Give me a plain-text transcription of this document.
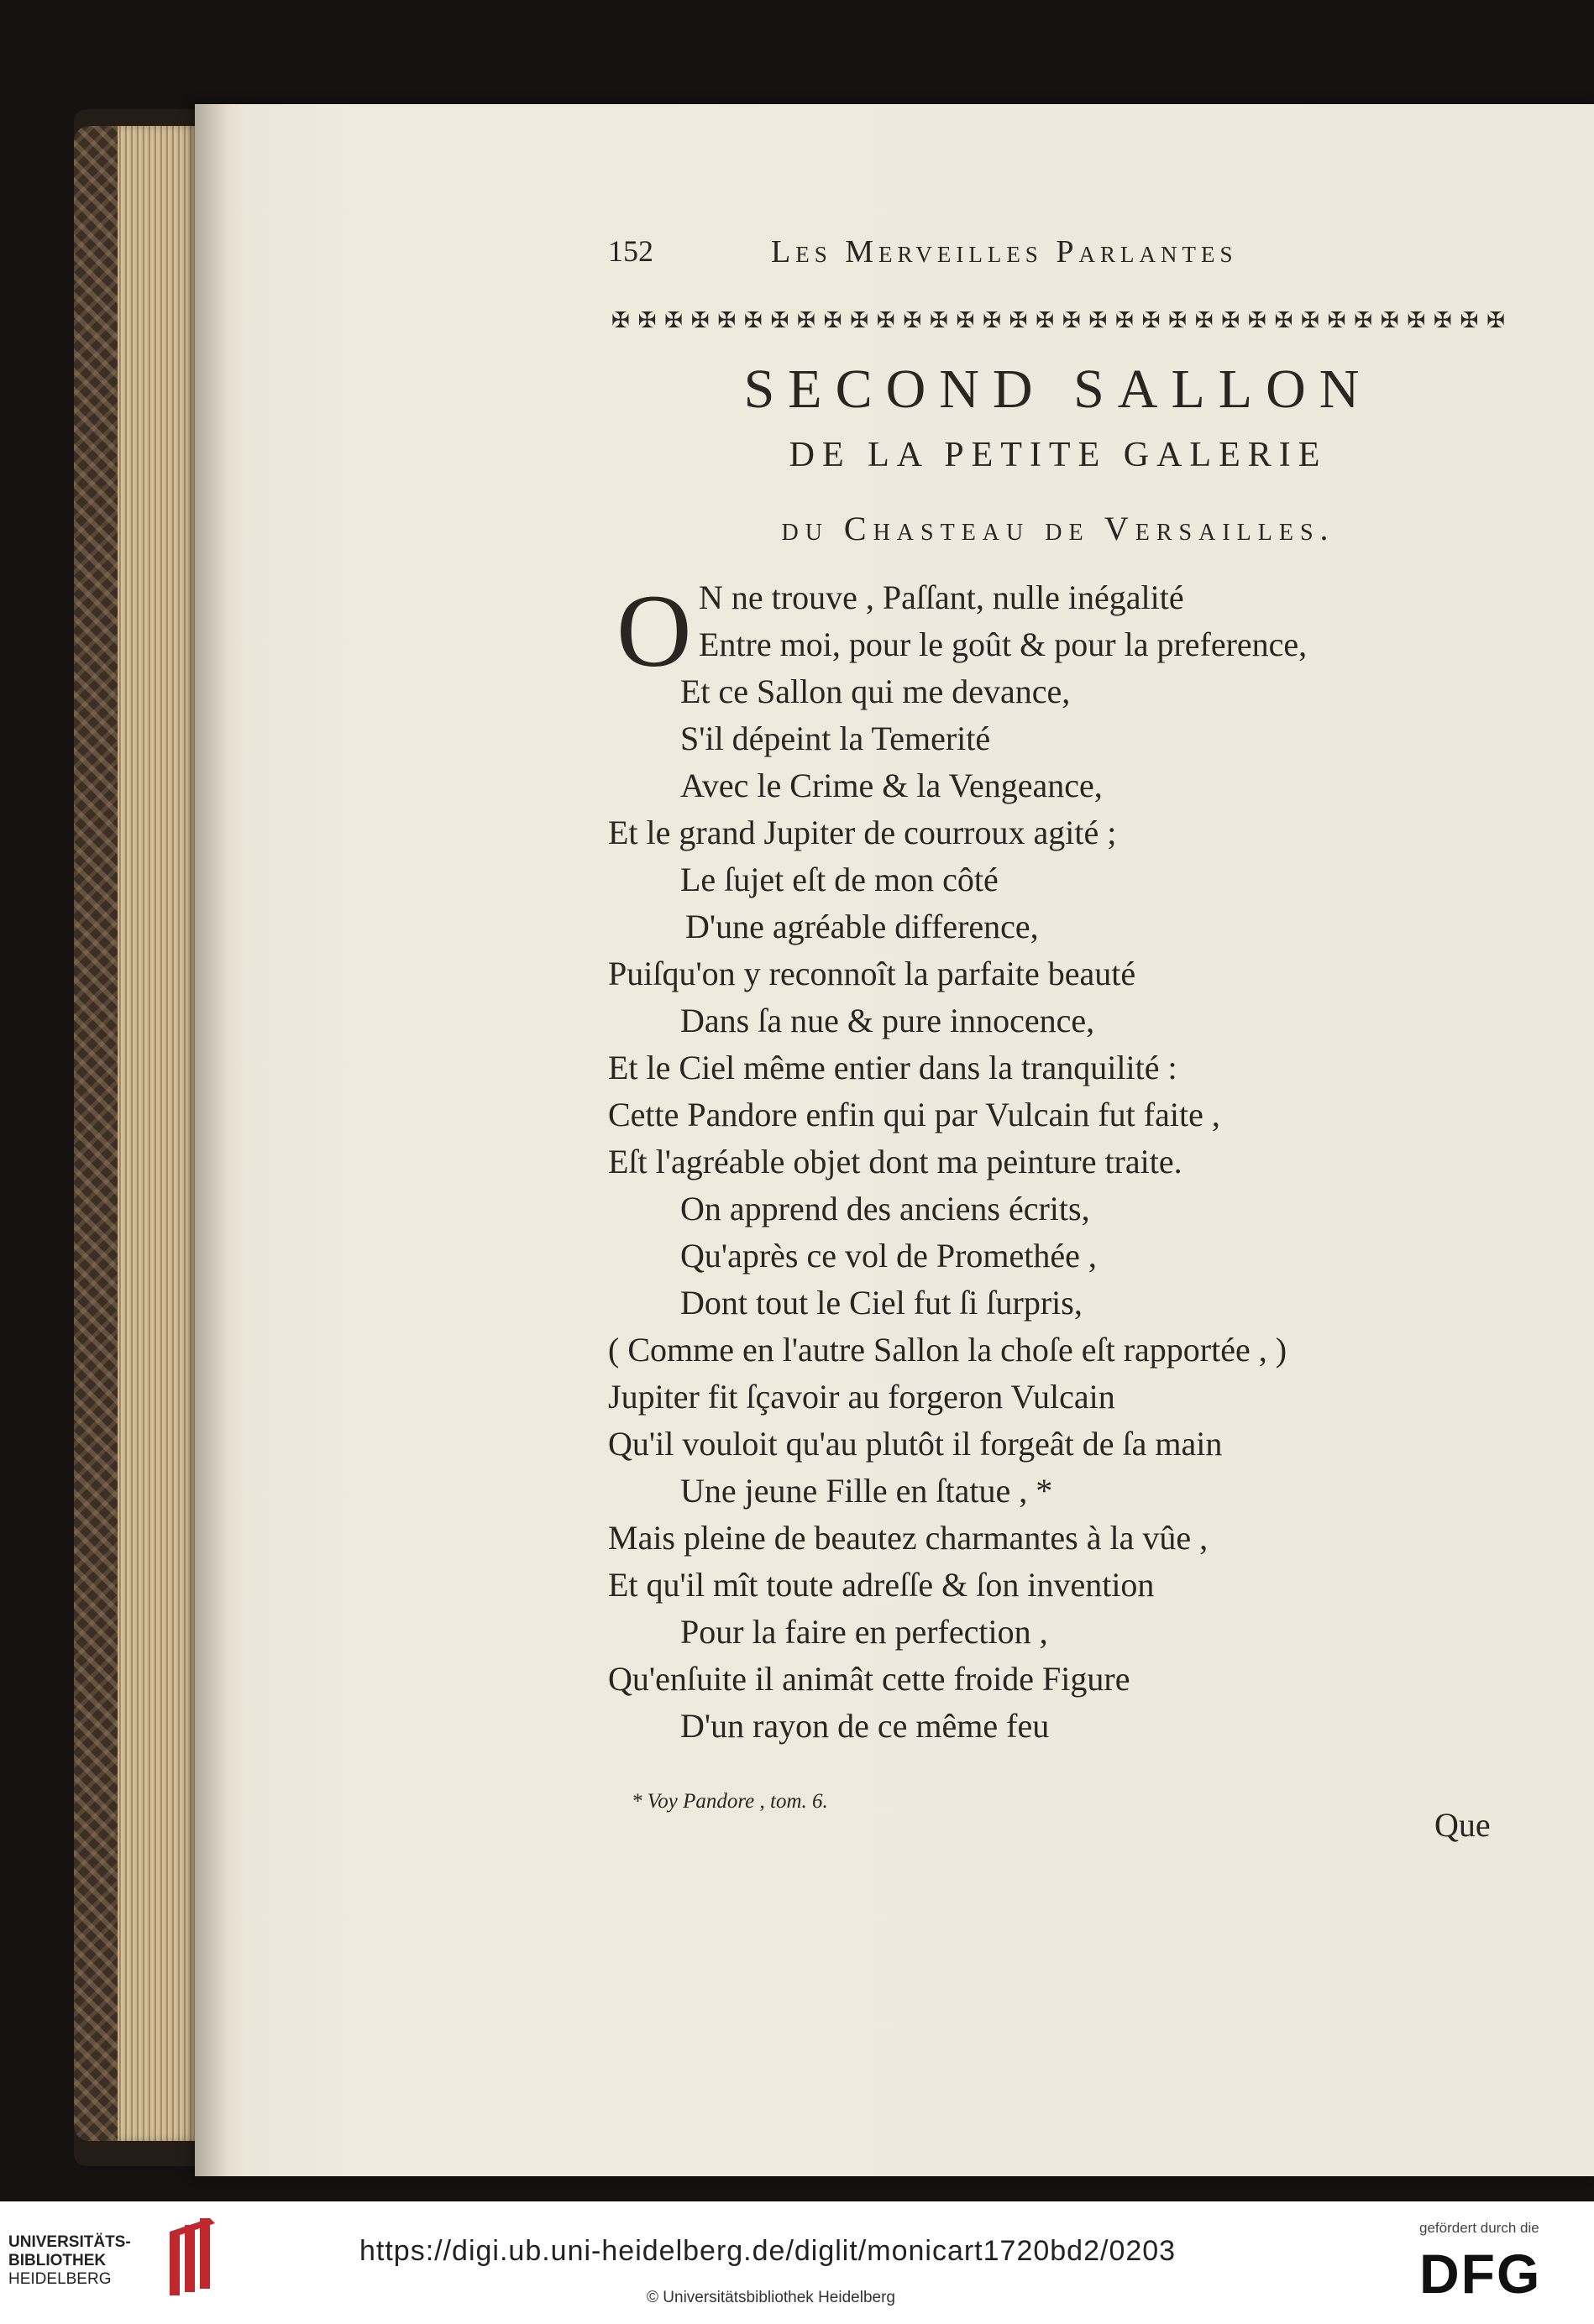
152	Les Merveilles Parlantes
✠ ✠ ✠ ✠ ✠ ✠ ✠ ✠ ✠ ✠ ✠ ✠ ✠ ✠ ✠ ✠ ✠ ✠ ✠ ✠ ✠ ✠ ✠ ✠ ✠ ✠ ✠ ✠ ✠ ✠ ✠ ✠ ✠ ✠
SECOND SALLON
DE LA PETITE GALERIE
du Chasteau de Versailles.
O N ne trouve , Paſſant, nulle inégalité
Entre moi, pour le goût & pour la preference,
Et ce Sallon qui me devance,
S'il dépeint la Temerité
Avec le Crime & la Vengeance,
Et le grand Jupiter de courroux agité ;
Le ſujet eſt de mon côté
D'une agréable difference,
Puiſqu'on y reconnoît la parfaite beauté
Dans ſa nue & pure innocence,
Et le Ciel même entier dans la tranquilité :
Cette Pandore enfin qui par Vulcain fut faite ,
Eſt l'agréable objet dont ma peinture traite.
On apprend des anciens écrits,
Qu'après ce vol de Promethée ,
Dont tout le Ciel fut ſi ſurpris,
( Comme en l'autre Sallon la choſe eſt rapportée , )
Jupiter fit ſçavoir au forgeron Vulcain
Qu'il vouloit qu'au plutôt il forgeât de ſa main
Une jeune Fille en ſtatue , *
Mais pleine de beautez charmantes à la vûe ,
Et qu'il mît toute adreſſe & ſon invention
Pour la faire en perfection ,
Qu'enſuite il animât cette froide Figure
D'un rayon de ce même feu
* Voy Pandore , tom. 6.
Que
UNIVERSITÄTS-
BIBLIOTHEK
HEIDELBERG
https://digi.ub.uni-heidelberg.de/diglit/monicart1720bd2/0203
© Universitätsbibliothek Heidelberg
gefördert durch die
DFG
